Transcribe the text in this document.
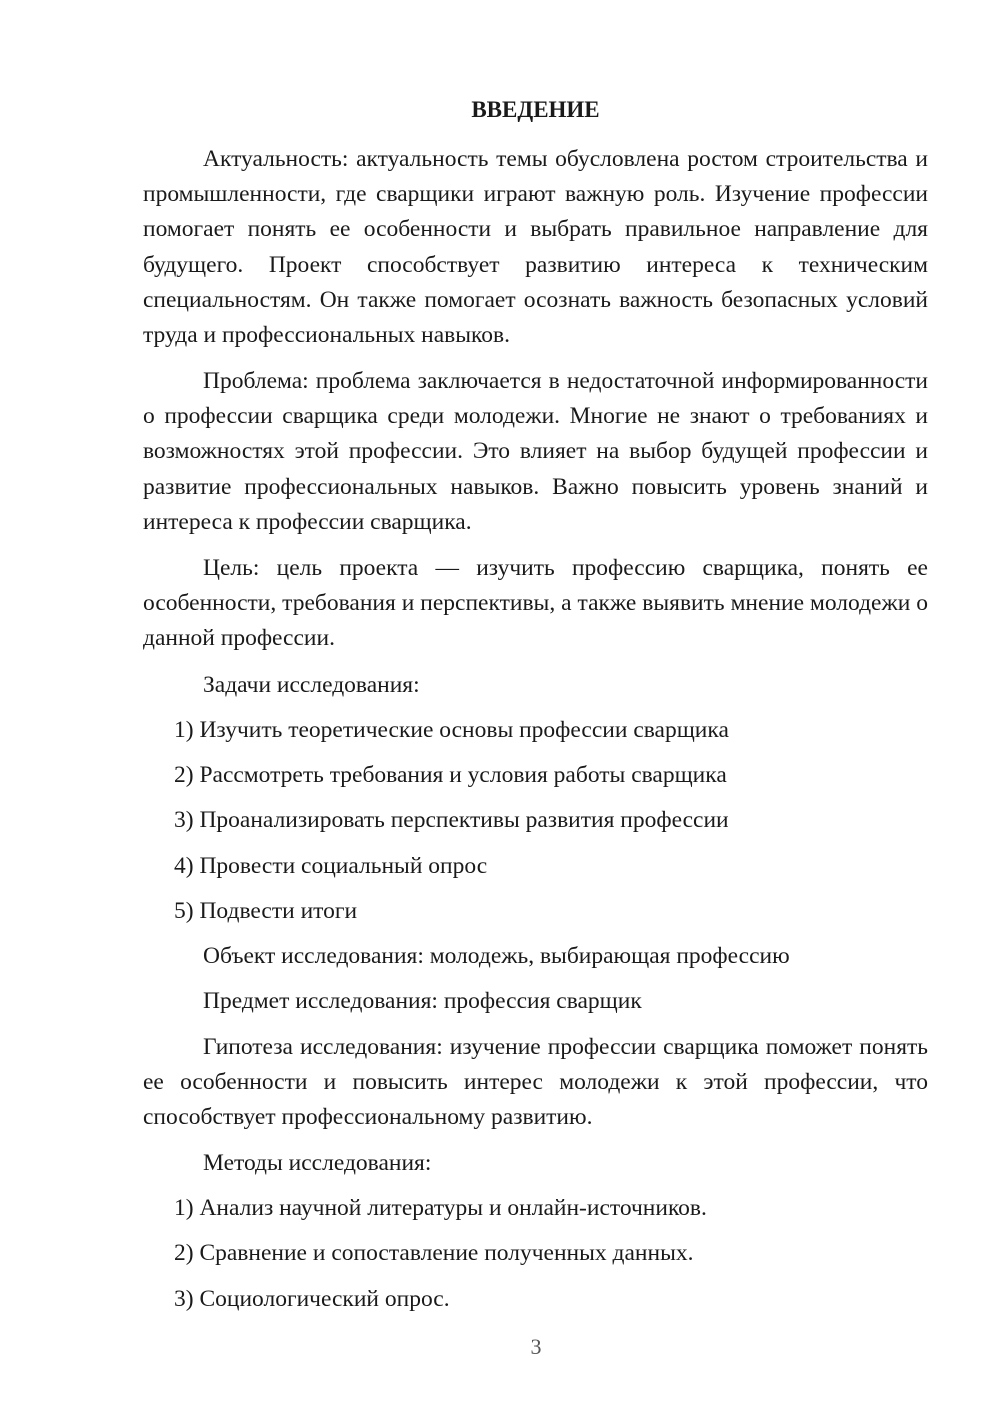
ВВЕДЕНИЕ

Актуальность: актуальность темы обусловлена ростом строительства и промышленности, где сварщики играют важную роль. Изучение профессии помогает понять ее особенности и выбрать правильное направление для будущего. Проект способствует развитию интереса к техническим специальностям. Он также помогает осознать важность безопасных условий труда и профессиональных навыков.

Проблема: проблема заключается в недостаточной информированности о профессии сварщика среди молодежи. Многие не знают о требованиях и возможностях этой профессии. Это влияет на выбор будущей профессии и развитие профессиональных навыков. Важно повысить уровень знаний и интереса к профессии сварщика.

Цель: цель проекта — изучить профессию сварщика, понять ее особенности, требования и перспективы, а также выявить мнение молодежи о данной профессии.

Задачи исследования:
1) Изучить теоретические основы профессии сварщика
2) Рассмотреть требования и условия работы сварщика
3) Проанализировать перспективы развития профессии
4) Провести социальный опрос
5) Подвести итоги
Объект исследования: молодежь, выбирающая профессию
Предмет исследования: профессия сварщик

Гипотеза исследования: изучение профессии сварщика поможет понять ее особенности и повысить интерес молодежи к этой профессии, что способствует профессиональному развитию.

Методы исследования:
1) Анализ научной литературы и онлайн-источников.
2) Сравнение и сопоставление полученных данных.
3) Социологический опрос.
3
